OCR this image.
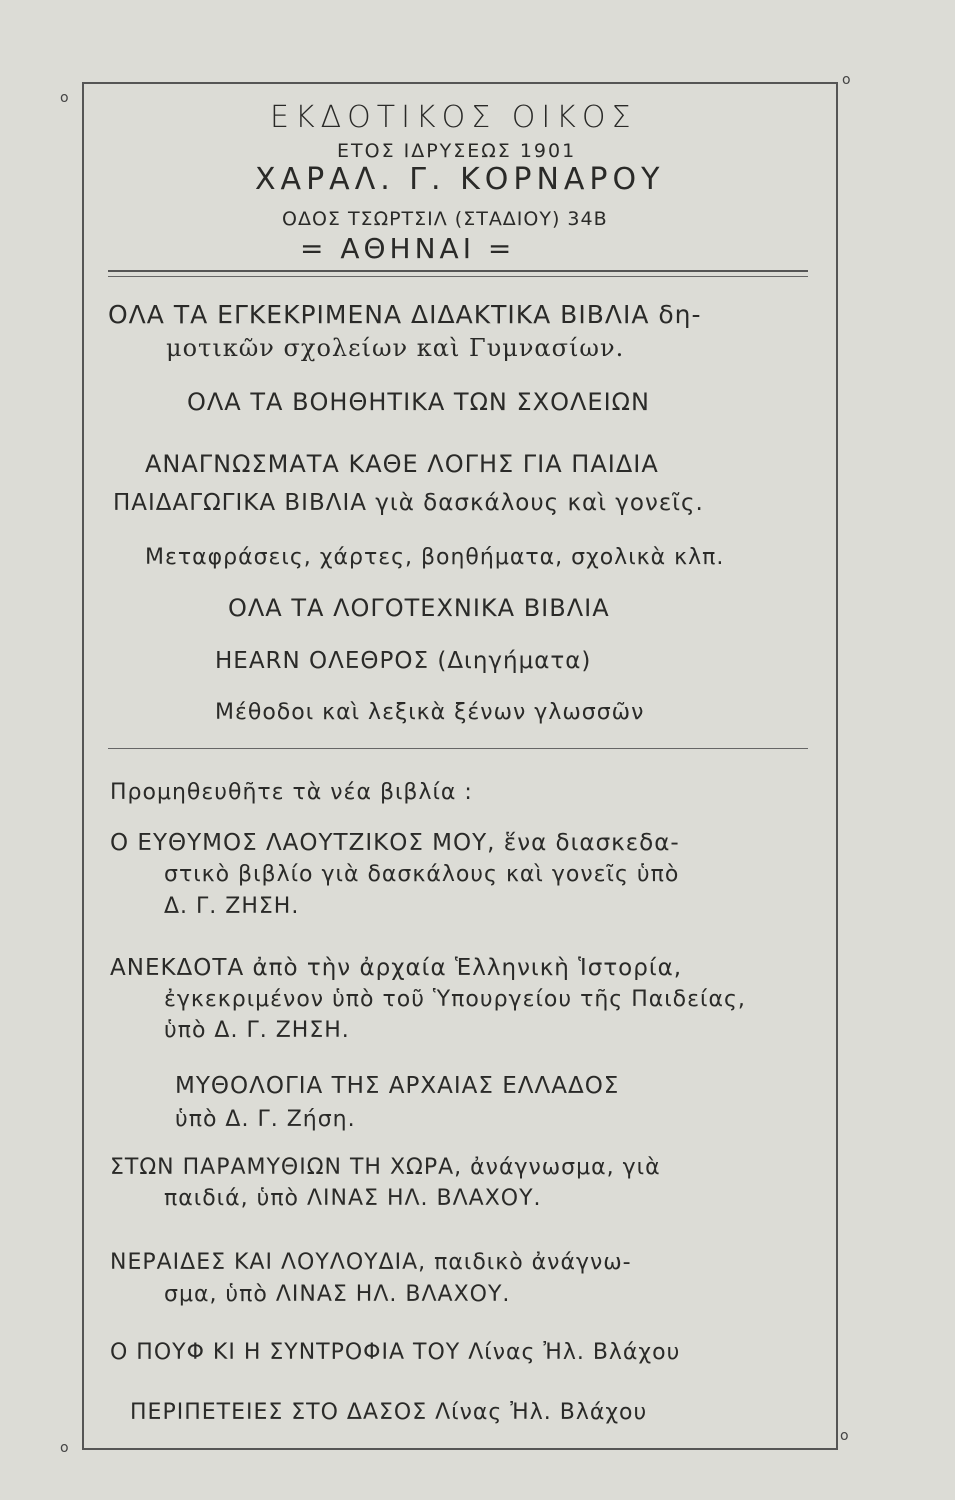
o
o
o
o
ΕΚΔΟΤΙΚΟΣ ΟΙΚΟΣ
ΕΤΟΣ ΙΔΡΥΣΕΩΣ 1901
ΧΑΡΑΛ. Γ. ΚΟΡΝΑΡΟΥ
ΟΔΟΣ ΤΣΩΡΤΣΙΛ (ΣΤΑΔΙΟΥ) 34Β
= ΑΘΗΝΑΙ =
ΟΛΑ ΤΑ ΕΓΚΕΚΡΙΜΕΝΑ ΔΙΔΑΚΤΙΚΑ ΒΙΒΛΙΑ δη-
μοτικῶν σχολείων καὶ Γυμνασίων.
ΟΛΑ ΤΑ ΒΟΗΘΗΤΙΚΑ ΤΩΝ ΣΧΟΛΕΙΩΝ
ΑΝΑΓΝΩΣΜΑΤΑ ΚΑΘΕ ΛΟΓΗΣ ΓΙΑ ΠΑΙΔΙΑ
ΠΑΙΔΑΓΩΓΙΚΑ ΒΙΒΛΙΑ γιὰ δασκάλους καὶ γονεῖς.
Μεταφράσεις, χάρτες, βοηθήματα, σχολικὰ κλπ.
ΟΛΑ ΤΑ ΛΟΓΟΤΕΧΝΙΚΑ ΒΙΒΛΙΑ
HEARN ΟΛΕΘΡΟΣ (Διηγήματα)
Μέθοδοι καὶ λεξικὰ ξένων γλωσσῶν
Προμηθευθῆτε τὰ νέα βιβλία :
Ο ΕΥΘΥΜΟΣ ΛΑΟΥΤΖΙΚΟΣ ΜΟΥ, ἕνα διασκεδα-
στικὸ βιβλίο γιὰ δασκάλους καὶ γονεῖς ὑπὸ
Δ. Γ. ΖΗΣΗ.
ΑΝΕΚΔΟΤΑ ἀπὸ τὴν ἀρχαία Ἑλληνικὴ Ἱστορία,
ἐγκεκριμένον ὑπὸ τοῦ Ὑπουργείου τῆς Παιδείας,
ὑπὸ Δ. Γ. ΖΗΣΗ.
ΜΥΘΟΛΟΓΙΑ ΤΗΣ ΑΡΧΑΙΑΣ ΕΛΛΑΔΟΣ
ὑπὸ Δ. Γ. Ζήση.
ΣΤΩΝ ΠΑΡΑΜΥΘΙΩΝ ΤΗ ΧΩΡΑ, ἀνάγνωσμα, γιὰ
παιδιά, ὑπὸ ΛΙΝΑΣ ΗΛ. ΒΛΑΧΟΥ.
ΝΕΡΑΙΔΕΣ ΚΑΙ ΛΟΥΛΟΥΔΙΑ, παιδικὸ ἀνάγνω-
σμα, ὑπὸ ΛΙΝΑΣ ΗΛ. ΒΛΑΧΟΥ.
Ο ΠΟΥΦ ΚΙ Η ΣΥΝΤΡΟΦΙΑ ΤΟΥ Λίνας Ἠλ. Βλάχου
ΠΕΡΙΠΕΤΕΙΕΣ ΣΤΟ ΔΑΣΟΣ Λίνας Ἠλ. Βλάχου
